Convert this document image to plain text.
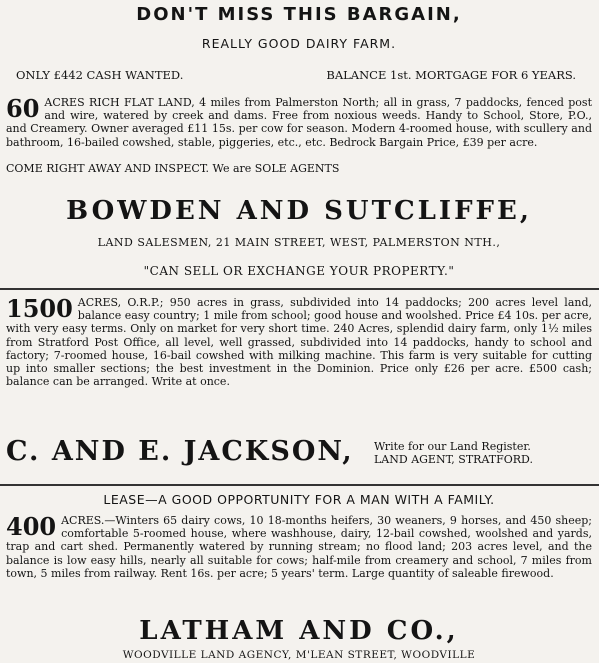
DON'T MISS THIS BARGAIN,
REALLY GOOD DAIRY FARM.
ONLY £442 CASH WANTED.	BALANCE 1st. MORTGAGE FOR 6 YEARS.
60 ACRES RICH FLAT LAND, 4 miles from Palmerston North; all in grass, 7 paddocks, fenced post and wire, watered by creek and dams. Free from noxious weeds. Handy to School, Store, P.O., and Creamery. Owner averaged £11 15s. per cow for season. Modern 4-roomed house, with scullery and bathroom, 16-bailed cowshed, stable, piggeries, etc., etc. Bedrock Bargain Price, £39 per acre.
COME RIGHT AWAY AND INSPECT. We are SOLE AGENTS
BOWDEN AND SUTCLIFFE,
LAND SALESMEN, 21 MAIN STREET, WEST, PALMERSTON NTH.,
"CAN SELL OR EXCHANGE YOUR PROPERTY."
1500 ACRES, O.R.P.; 950 acres in grass, subdivided into 14 paddocks; 200 acres level land, balance easy country; 1 mile from school; good house and woolshed. Price £4 10s. per acre, with very easy terms. Only on market for very short time. 240 Acres, splendid dairy farm, only 1½ miles from Stratford Post Office, all level, well grassed, subdivided into 14 paddocks, handy to school and factory; 7-roomed house, 16-bail cowshed with milking machine. This farm is very suitable for cutting up into smaller sections; the best investment in the Dominion. Price only £26 per acre. £500 cash; balance can be arranged. Write at once.
C. AND E. JACKSON, Write for our Land Register.
LAND AGENT, STRATFORD.
LEASE—A GOOD OPPORTUNITY FOR A MAN WITH A FAMILY.
400 ACRES.—Winters 65 dairy cows, 10 18-months heifers, 30 weaners, 9 horses, and 450 sheep; comfortable 5-roomed house, where washhouse, dairy, 12-bail cowshed, woolshed and yards, trap and cart shed. Permanently watered by running stream; no flood land; 203 acres level, and the balance is low easy hills, nearly all suitable for cows; half-mile from creamery and school, 7 miles from town, 5 miles from railway. Rent 16s. per acre; 5 years' term. Large quantity of saleable firewood.
LATHAM AND CO.,
WOODVILLE LAND AGENCY, M'LEAN STREET, WOODVILLE
